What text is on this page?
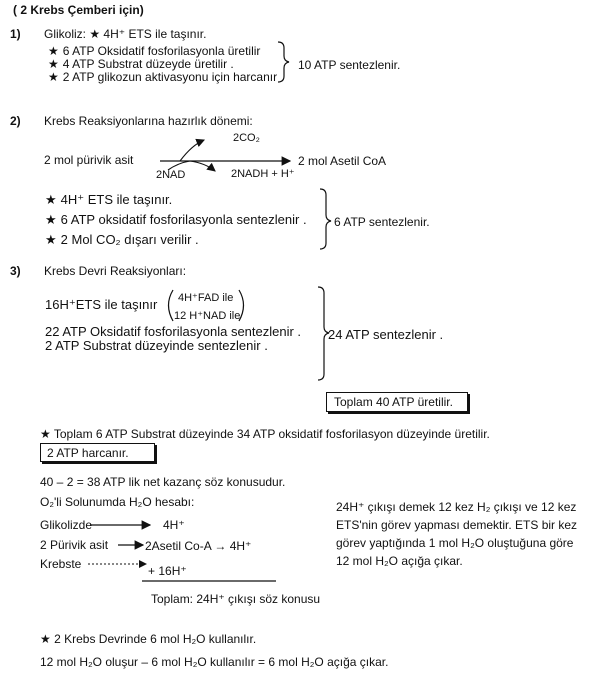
( 2 Krebs Çemberi için)
1) Glikoliz: ★ 4H⁺ ETS ile taşınır.
★ 6 ATP Oksidatif fosforilasyonla üretilir
★ 4 ATP Substrat düzeyde üretilir .
★ 2 ATP glikozun aktivasyonu için harcanır
10 ATP sentezlenir.
2) Krebs Reaksiyonlarına hazırlık dönemi:
2 mol pürivik asit
2CO₂
2NAD	2NADH + H⁺
2 mol Asetil CoA
★ 4H⁺ ETS ile taşınır.
★ 6 ATP oksidatif fosforilasyonla sentezlenir .
★ 2 Mol CO₂ dışarı verilir .
6 ATP sentezlenir.
3) Krebs Devri Reaksiyonları:
16H⁺ETS ile taşınır 4H⁺FAD ile
12 H⁺NAD ile
22 ATP Oksidatif fosforilasyonla sentezlenir .
2 ATP Substrat düzeyinde sentezlenir .
24 ATP sentezlenir .
Toplam 40 ATP üretilir.
★ Toplam 6 ATP Substrat düzeyinde 34 ATP oksidatif fosforilasyon düzeyinde üretilir.
2 ATP harcanır.
40 – 2 = 38 ATP lik net kazanç söz konusudur.
O₂'li Solunumda H₂O hesabı:
Glikolizde	4H⁺
2 Pürivik asit	2Asetil Co-A → 4H⁺
Krebste	+ 16H⁺
Toplam: 24H⁺ çıkışı söz konusu
24H⁺ çıkışı demek 12 kez H₂ çıkışı ve 12 kez
ETS'nin görev yapması demektir. ETS bir kez
görev yaptığında 1 mol H₂O oluştuğuna göre
12 mol H₂O açığa çıkar.
★ 2 Krebs Devrinde 6 mol H₂O kullanılır.
12 mol H₂O oluşur – 6 mol H₂O kullanılır = 6 mol H₂O açığa çıkar.
